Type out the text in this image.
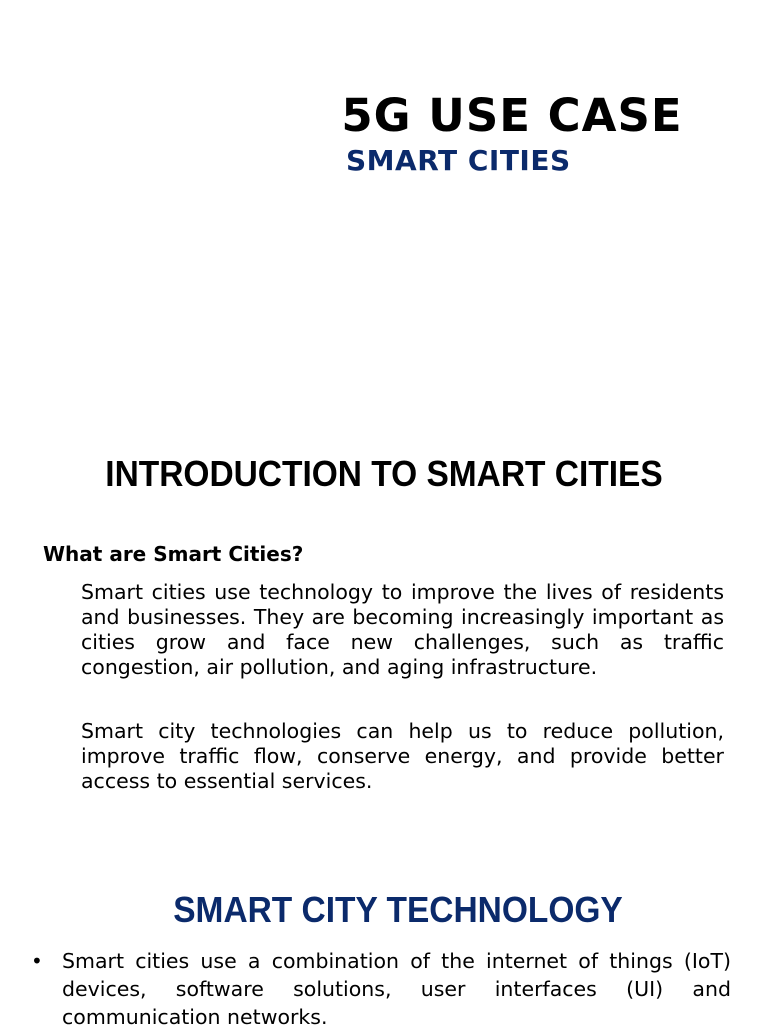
5G USE CASE
SMART CITIES
INTRODUCTION TO SMART CITIES
What are Smart Cities?

Smart cities use technology to improve the lives of residents and businesses. They are becoming increasingly important as cities grow and face new challenges, such as traffic congestion, air pollution, and aging infrastructure.

Smart city technologies can help us to reduce pollution, improve traffic flow, conserve energy, and provide better access to essential services.

SMART CITY TECHNOLOGY
• Smart cities use a combination of the internet of things (IoT) devices, software solutions, user interfaces (UI) and communication networks.
